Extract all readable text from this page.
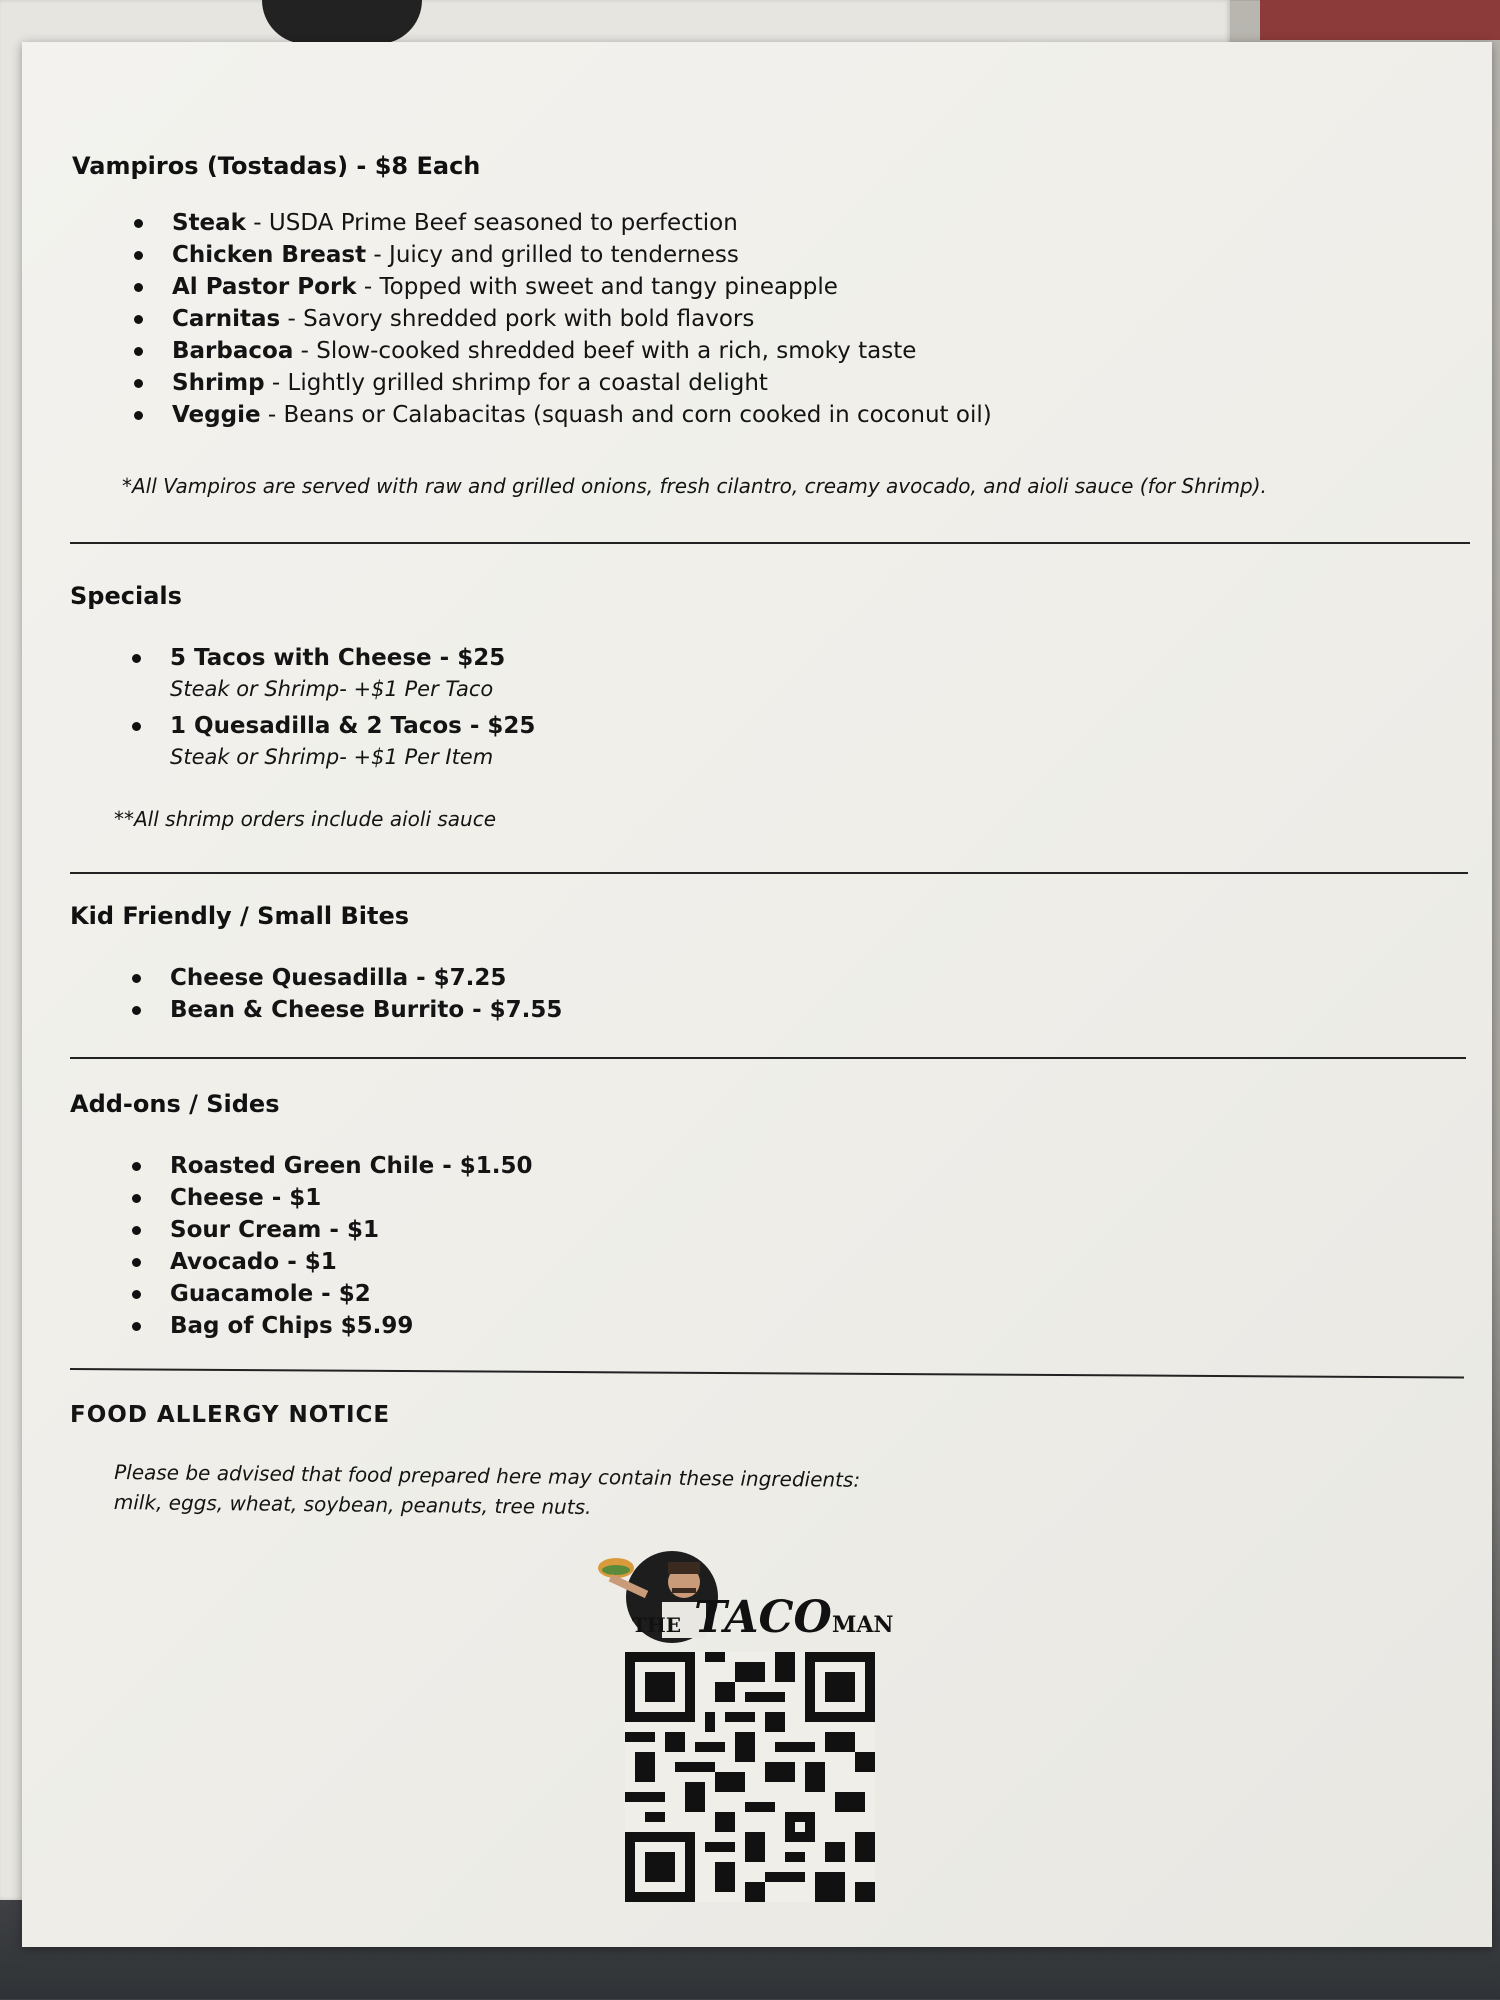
Vampiros (Tostadas) - $8 Each
Steak - USDA Prime Beef seasoned to perfection
Chicken Breast - Juicy and grilled to tenderness
Al Pastor Pork - Topped with sweet and tangy pineapple
Carnitas - Savory shredded pork with bold flavors
Barbacoa - Slow-cooked shredded beef with a rich, smoky taste
Shrimp - Lightly grilled shrimp for a coastal delight
Veggie - Beans or Calabacitas (squash and corn cooked in coconut oil)
*All Vampiros are served with raw and grilled onions, fresh cilantro, creamy avocado, and aioli sauce (for Shrimp).
Specials
5 Tacos with Cheese - $25
Steak or Shrimp- +$1 Per Taco
1 Quesadilla & 2 Tacos - $25
Steak or Shrimp- +$1 Per Item
**All shrimp orders include aioli sauce
Kid Friendly / Small Bites
Cheese Quesadilla - $7.25
Bean & Cheese Burrito - $7.55
Add-ons / Sides
Roasted Green Chile - $1.50
Cheese - $1
Sour Cream - $1
Avocado - $1
Guacamole - $2
Bag of Chips $5.99
FOOD ALLERGY NOTICE
Please be advised that food prepared here may contain these ingredients:
milk, eggs, wheat, soybean, peanuts, tree nuts.
THE TACO MAN
